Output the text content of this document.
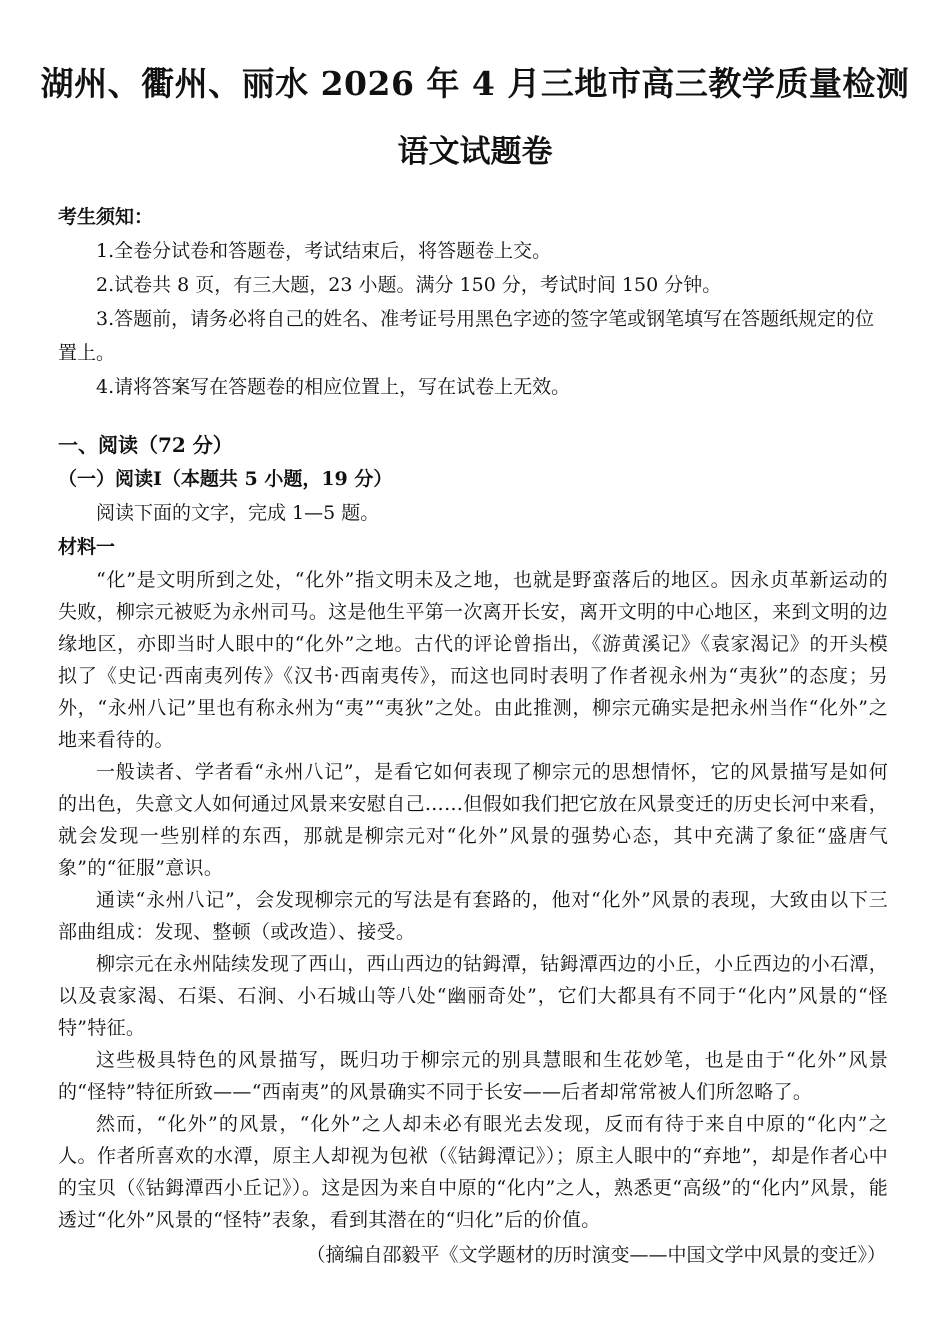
湖州、衢州、丽水 2026 年 4 月三地市高三教学质量检测
语文试题卷
考生须知：

1.全卷分试卷和答题卷，考试结束后，将答题卷上交。

2.试卷共 8 页，有三大题，23 小题。满分 150 分，考试时间 150 分钟。

3.答题前，请务必将自己的姓名、准考证号用黑色字迹的签字笔或钢笔填写在答题纸规定的位置上。

4.请将答案写在答题卷的相应位置上，写在试卷上无效。

一、阅读（72 分）
（一）阅读I（本题共 5 小题，19 分）

阅读下面的文字，完成 1—5 题。

材料一

“化”是文明所到之处，“化外”指文明未及之地，也就是野蛮落后的地区。因永贞革新运动的失败，柳宗元被贬为永州司马。这是他生平第一次离开长安，离开文明的中心地区，来到文明的边缘地区，亦即当时人眼中的“化外”之地。古代的评论曾指出，《游黄溪记》《袁家渴记》的开头模拟了《史记·西南夷列传》《汉书·西南夷传》，而这也同时表明了作者视永州为“夷狄”的态度；另外，“永州八记”里也有称永州为“夷”“夷狄”之处。由此推测，柳宗元确实是把永州当作“化外”之地来看待的。

一般读者、学者看“永州八记”，是看它如何表现了柳宗元的思想情怀，它的风景描写是如何的出色，失意文人如何通过风景来安慰自己……但假如我们把它放在风景变迁的历史长河中来看，就会发现一些别样的东西，那就是柳宗元对“化外”风景的强势心态，其中充满了象征“盛唐气象”的“征服”意识。

通读“永州八记”，会发现柳宗元的写法是有套路的，他对“化外”风景的表现，大致由以下三部曲组成：发现、整顿（或改造）、接受。

柳宗元在永州陆续发现了西山，西山西边的钴鉧潭，钴鉧潭西边的小丘，小丘西边的小石潭，以及袁家渴、石渠、石涧、小石城山等八处“幽丽奇处”，它们大都具有不同于“化内”风景的“怪特”特征。

这些极具特色的风景描写，既归功于柳宗元的别具慧眼和生花妙笔，也是由于“化外”风景的“怪特”特征所致——“西南夷”的风景确实不同于长安——后者却常常被人们所忽略了。

然而，“化外”的风景，“化外”之人却未必有眼光去发现，反而有待于来自中原的“化内”之人。作者所喜欢的水潭，原主人却视为包袱（《钴鉧潭记》）；原主人眼中的“弃地”，却是作者心中的宝贝（《钴鉧潭西小丘记》）。这是因为来自中原的“化内”之人，熟悉更“高级”的“化内”风景，能透过“化外”风景的“怪特”表象，看到其潜在的“归化”后的价值。

（摘编自邵毅平《文学题材的历时演变——中国文学中风景的变迁》）
